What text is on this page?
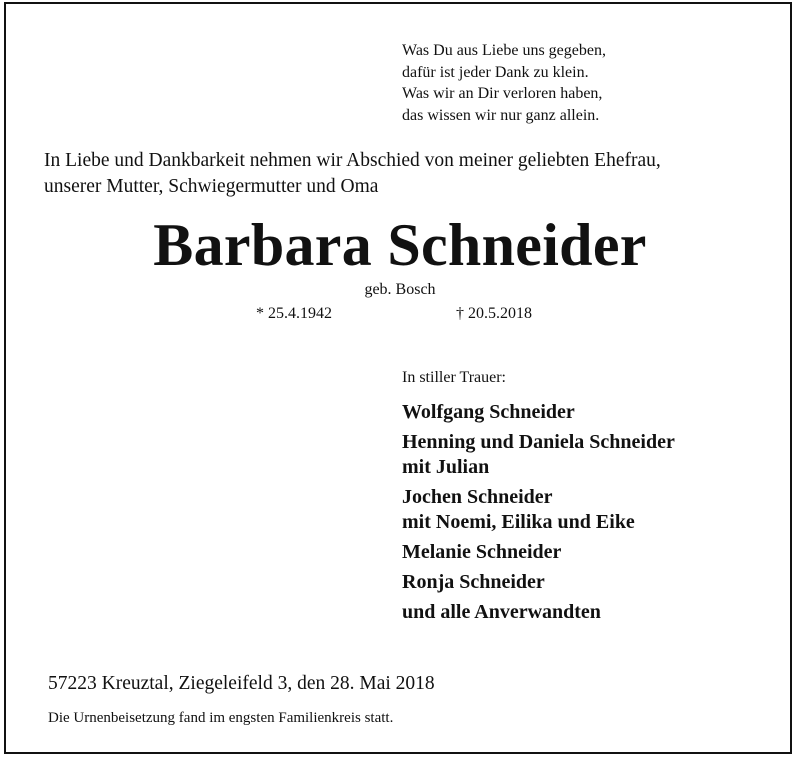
Was Du aus Liebe uns gegeben,
dafür ist jeder Dank zu klein.
Was wir an Dir verloren haben,
das wissen wir nur ganz allein.
In Liebe und Dankbarkeit nehmen wir Abschied von meiner geliebten Ehefrau,
unserer Mutter, Schwiegermutter und Oma
Barbara Schneider
geb. Bosch
* 25.4.1942	† 20.5.2018
In stiller Trauer:
Wolfgang Schneider
Henning und Daniela Schneider
mit Julian
Jochen Schneider
mit Noemi, Eilika und Eike
Melanie Schneider
Ronja Schneider
und alle Anverwandten
57223 Kreuztal, Ziegeleifeld 3, den 28. Mai 2018
Die Urnenbeisetzung fand im engsten Familienkreis statt.
